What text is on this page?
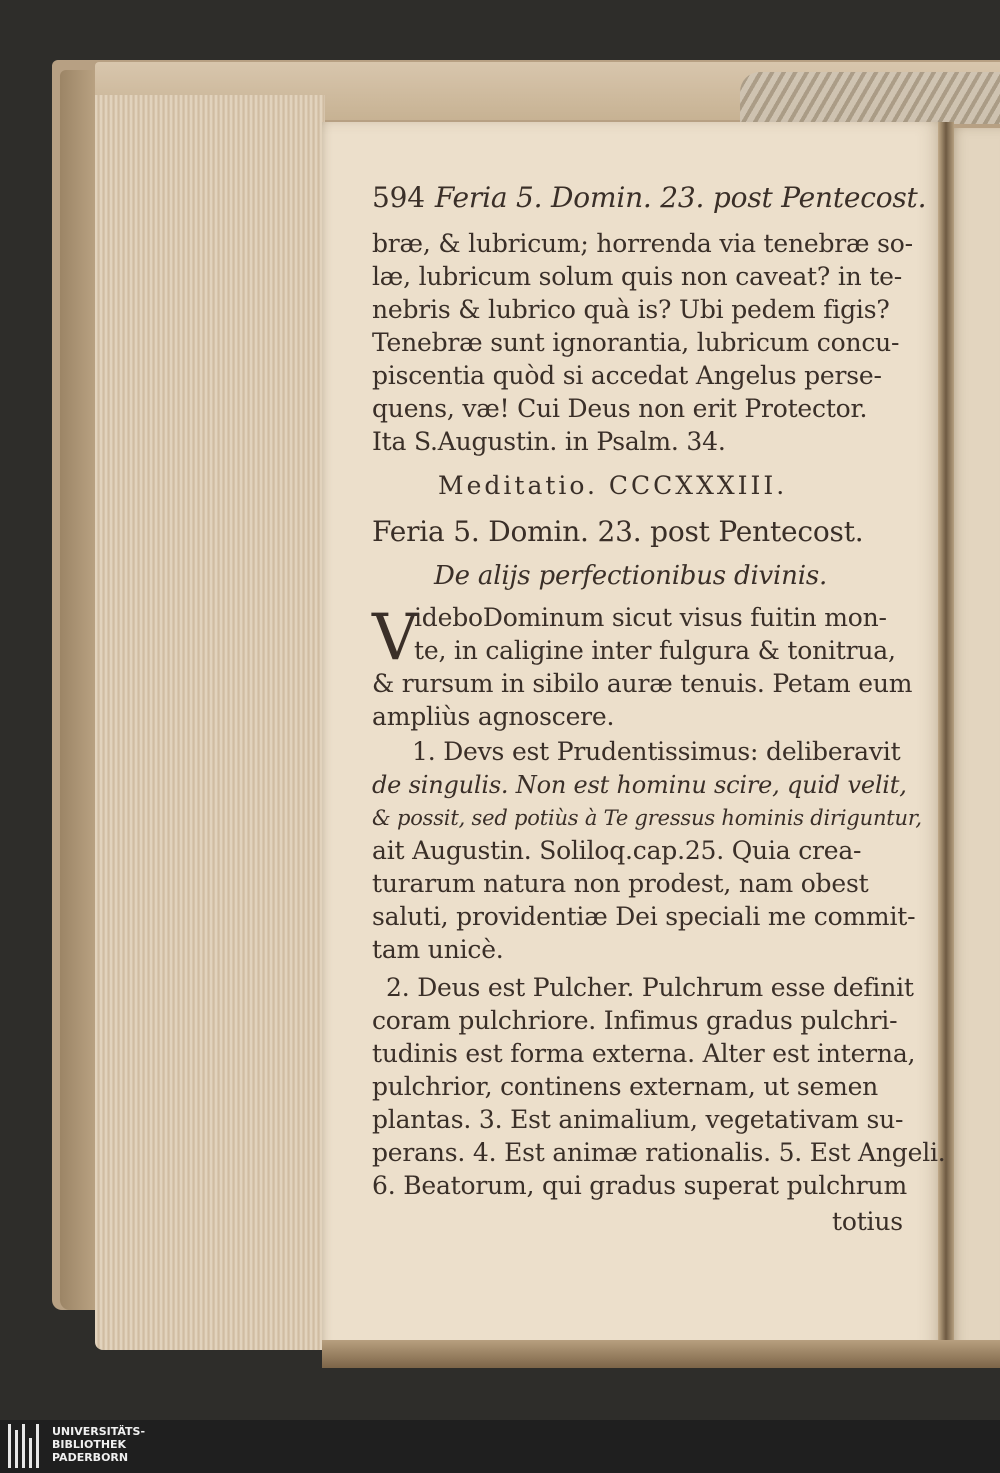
594 Feria 5. Domin. 23. post Pentecost.
bræ, & lubricum; horrenda via tenebræ so-
læ, lubricum solum quis non caveat? in te-
nebris & lubrico quà is? Ubi pedem figis?
Tenebræ sunt ignorantia, lubricum concu-
piscentia quòd si accedat Angelus perse-
quens, væ! Cui Deus non erit Protector.
Ita S.Augustin. in Psalm. 34.
Meditatio. CCCXXXIII.
Feria 5. Domin. 23. post Pentecost.
De alijs perfectionibus divinis.
V
ideboDominum sicut visus fuitin mon-
te, in caligine inter fulgura & tonitrua,
& rursum in sibilo auræ tenuis. Petam eum
ampliùs agnoscere.
1. Devs est Prudentissimus: deliberavit
de singulis. Non est hominu scire, quid velit,
& possit, sed potiùs à Te gressus hominis diriguntur,
ait Augustin. Soliloq.cap.25. Quia crea-
turarum natura non prodest, nam obest
saluti, providentiæ Dei speciali me commit-
tam unicè.
2. Deus est Pulcher. Pulchrum esse definit
coram pulchriore. Infimus gradus pulchri-
tudinis est forma externa. Alter est interna,
pulchrior, continens externam, ut semen
plantas. 3. Est animalium, vegetativam su-
perans. 4. Est animæ rationalis. 5. Est Angeli.
6. Beatorum, qui gradus superat pulchrum
totius
UNIVERSITÄTS-
BIBLIOTHEK
PADERBORN
